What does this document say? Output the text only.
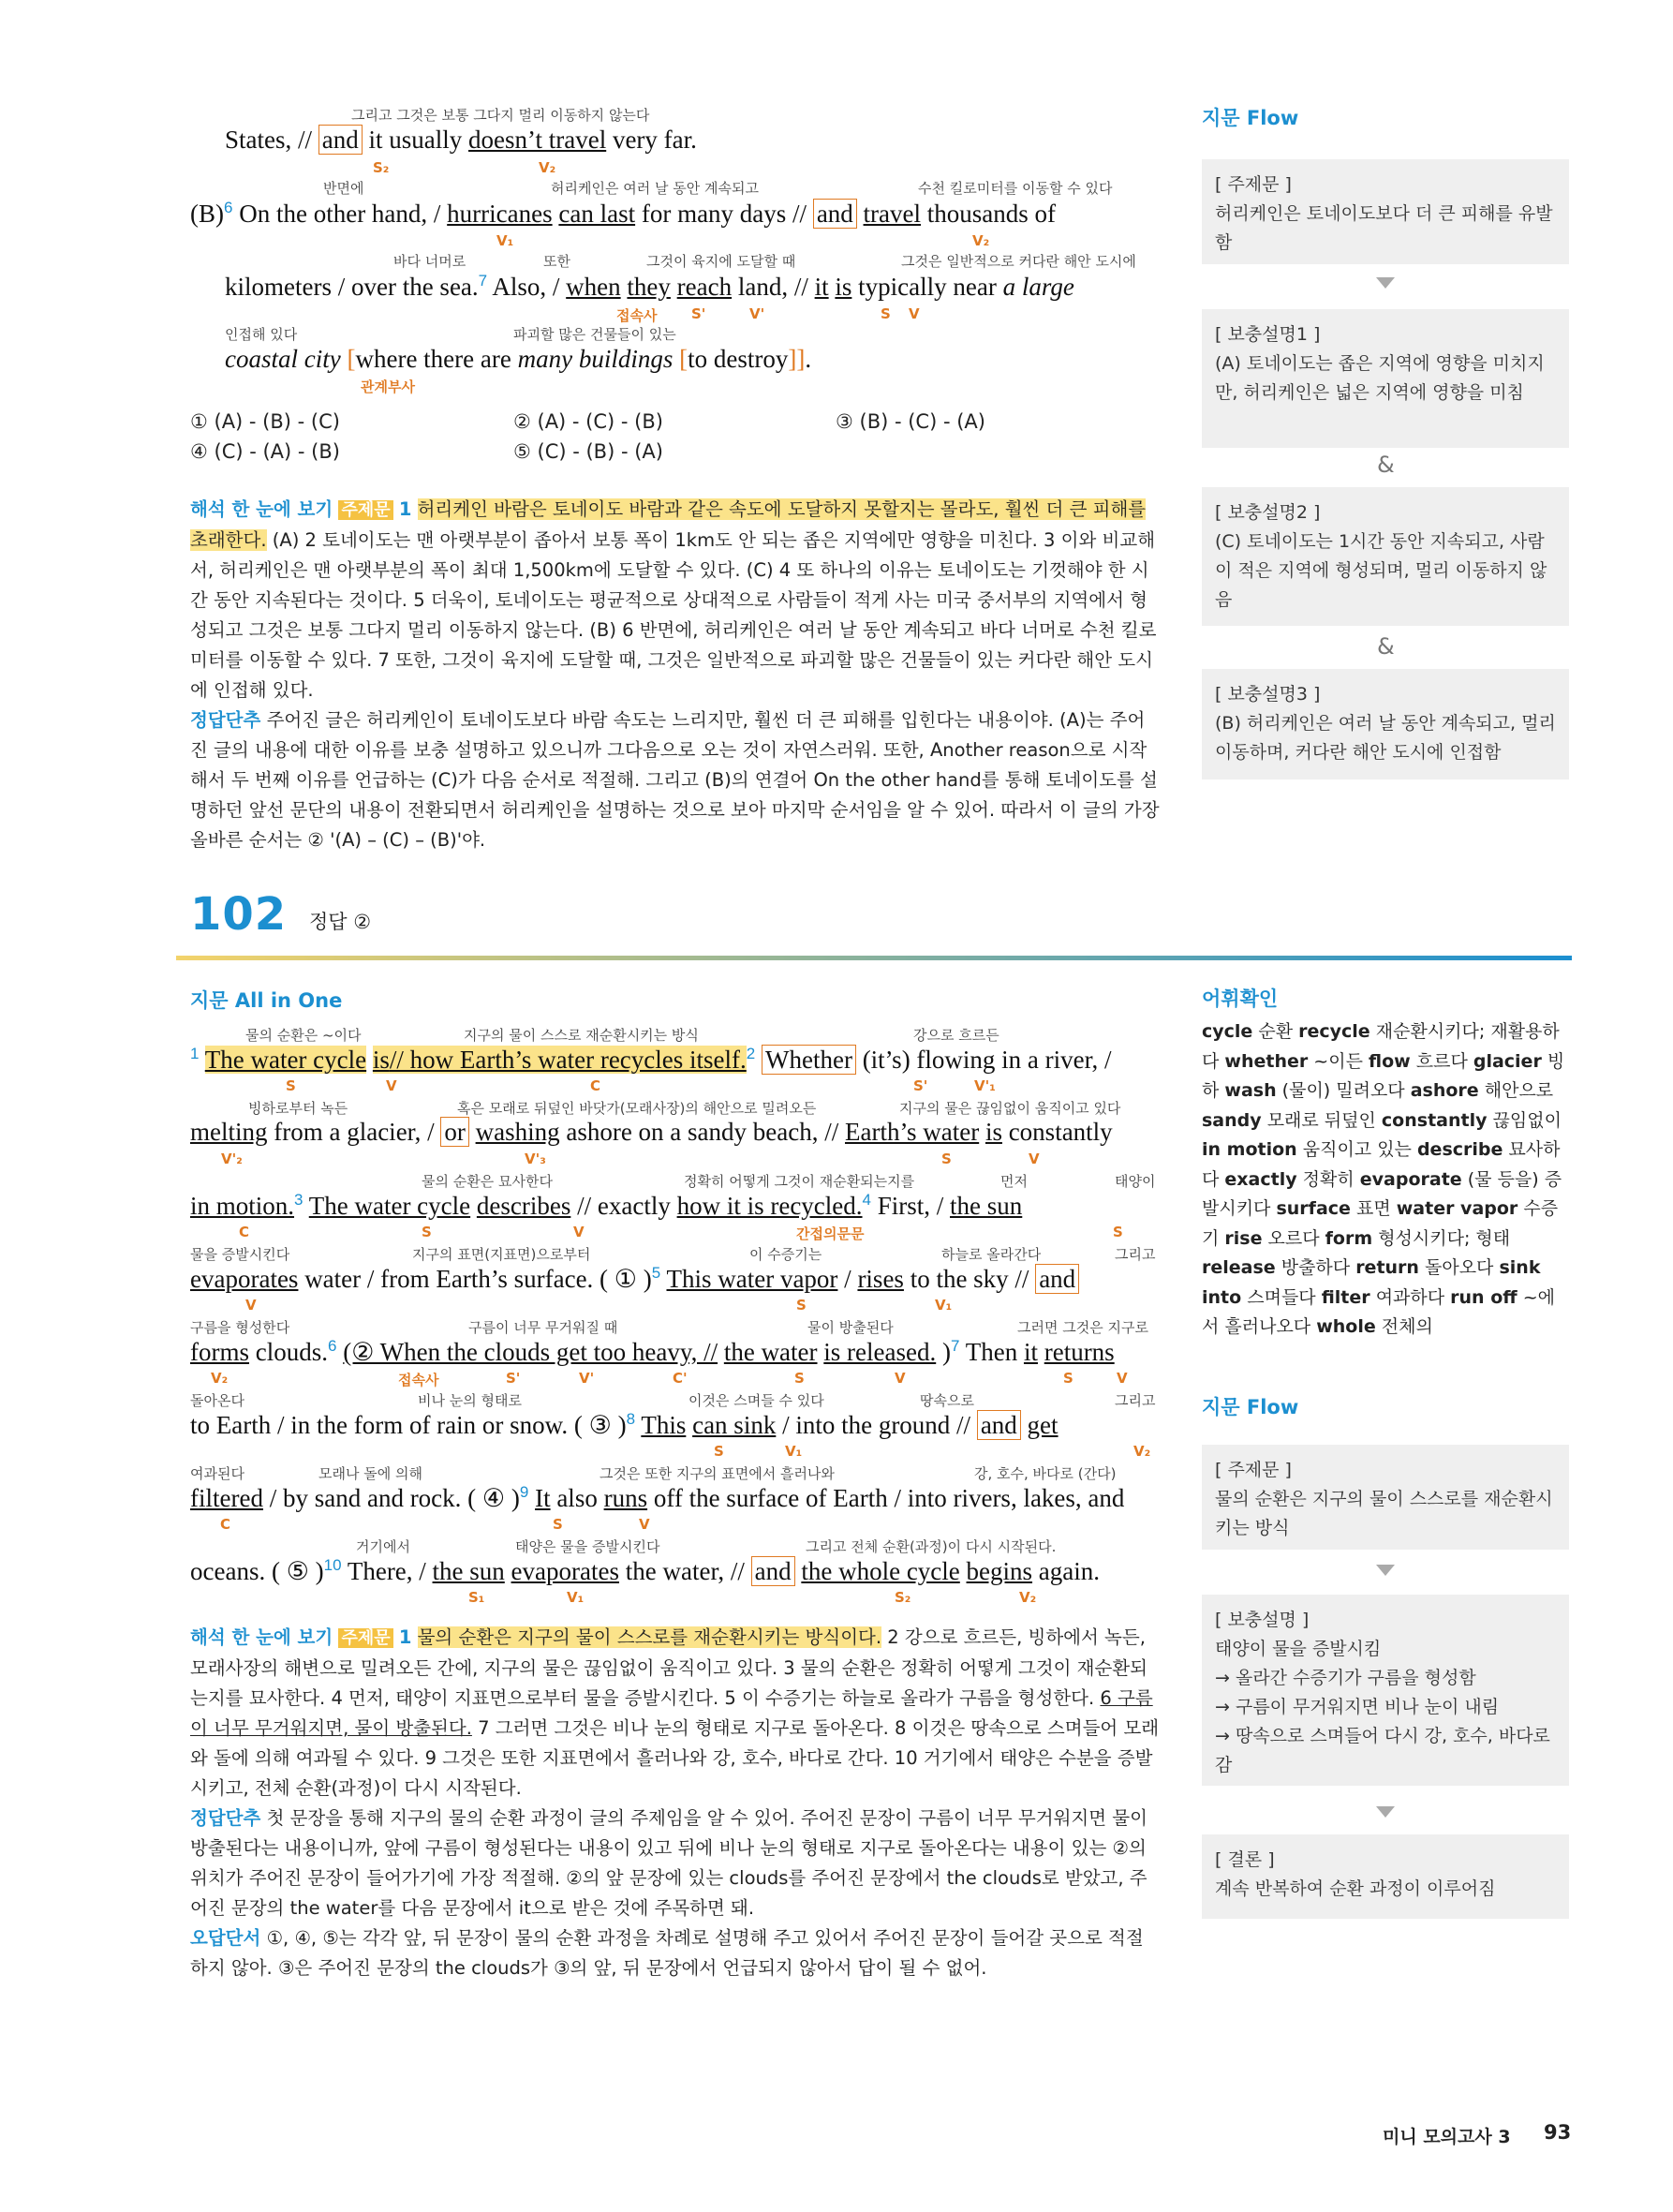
그리고 그것은 보통 그다지 멀리 이동하지 않는다
States, // and it usually doesn’t travel very far.
S₂	V₂
반면에	허리케인은 여러 날 동안 계속되고	수천 킬로미터를 이동할 수 있다
$(B)^6$ On the other hand, / hurricanes can last for many days // and travel thousands of
V₁	V₂
바다 너머로	또한	그것이 육지에 도달할 때	그것은 일반적으로 커다란 해안 도시에
kilometers / over the sea.$^7$ Also, / when they reach land, // it is typically near a large
접속사 S'	V'	S V
인접해 있다	파괴할 많은 건물들이 있는
coastal city [where there are many buildings [to destroy]].
관계부사
① (A) - (B) - (C)	② (A) - (C) - (B)	③ (B) - (C) - (A)
④ (C) - (A) - (B)	⑤ (C) - (B) - (A)
해석 한 눈에 보기 주제문 1 허리케인 바람은 토네이도 바람과 같은 속도에 도달하지 못할지는 몰라도, 훨씬 더 큰 피해를 초래한다. (A) 2 토네이도는 맨 아랫부분이 좁아서 보통 폭이 1km도 안 되는 좁은 지역에만 영향을 미친다. 3 이와 비교해서, 허리케인은 맨 아랫부분의 폭이 최대 1,500km에 도달할 수 있다. (C) 4 또 하나의 이유는 토네이도는 기껏해야 한 시간 동안 지속된다는 것이다. 5 더욱이, 토네이도는 평균적으로 상대적으로 사람들이 적게 사는 미국 중서부의 지역에서 형성되고 그것은 보통 그다지 멀리 이동하지 않는다. (B) 6 반면에, 허리케인은 여러 날 동안 계속되고 바다 너머로 수천 킬로미터를 이동할 수 있다. 7 또한, 그것이 육지에 도달할 때, 그것은 일반적으로 파괴할 많은 건물들이 있는 커다란 해안 도시에 인접해 있다.
정답단추 주어진 글은 허리케인이 토네이도보다 바람 속도는 느리지만, 훨씬 더 큰 피해를 입힌다는 내용이야. (A)는 주어진 글의 내용에 대한 이유를 보충 설명하고 있으니까 그다음으로 오는 것이 자연스러워. 또한, Another reason으로 시작해서 두 번째 이유를 언급하는 (C)가 다음 순서로 적절해. 그리고 (B)의 연결어 On the other hand를 통해 토네이도를 설명하던 앞선 문단의 내용이 전환되면서 허리케인을 설명하는 것으로 보아 마지막 순서임을 알 수 있어. 따라서 이 글의 가장 올바른 순서는 ② '(A) – (C) – (B)'야.
지문 Flow
[ 주제문 ]
허리케인은 토네이도보다 더 큰 피해를 유발함
[ 보충설명1 ]
(A) 토네이도는 좁은 지역에 영향을 미치지만, 허리케인은 넓은 지역에 영향을 미침
&
[ 보충설명2 ]
(C) 토네이도는 1시간 동안 지속되고, 사람이 적은 지역에 형성되며, 멀리 이동하지 않음
&
[ 보충설명3 ]
(B) 허리케인은 여러 날 동안 계속되고, 멀리 이동하며, 커다란 해안 도시에 인접함
102 정답 ②
지문 All in One
물의 순환은 ~이다	지구의 물이 스스로 재순환시키는 방식	강으로 흐르든
$^1$ The water cycle is// how Earth’s water recycles itself.$^2$ Whether (it’s) flowing in a river, /
S	V	C	S'	V'₁
빙하로부터 녹든	혹은 모래로 뒤덮인 바닷가(모래사장)의 해안으로 밀려오든	지구의 물은 끊임없이 움직이고 있다
melting from a glacier, / or washing ashore on a sandy beach, // Earth’s water is constantly
V'₂	V'₃	S	V
물의 순환은 묘사한다	정확히 어떻게 그것이 재순환되는지를	먼저	태양이
in motion.$^3$ The water cycle describes // exactly how it is recycled.$^4$ First, / the sun
C	S	V	간접의문문	S
물을 증발시킨다	지구의 표면(지표면)으로부터	이 수증기는	하늘로 올라간다	그리고
evaporates water / from Earth’s surface. ( ① )$^5$ This water vapor / rises to the sky // and
V	S	V₁
구름을 형성한다	구름이 너무 무거워질 때	물이 방출된다	그러면 그것은 지구로
forms clouds.$^6$ (② When the clouds get too heavy, // the water is released. )$^7$ Then it returns
V₂	접속사	S'	V'	C'	S	V	S	V
돌아온다	비나 눈의 형태로	이것은 스며들 수 있다	땅속으로	그리고
to Earth / in the form of rain or snow. ( ③ )$^8$ This can sink / into the ground // and get
S	V₁	V₂
여과된다	모래나 돌에 의해	그것은 또한 지구의 표면에서 흘러나와	강, 호수, 바다로 (간다)
filtered / by sand and rock. ( ④ )$^9$ It also runs off the surface of Earth / into rivers, lakes, and
C	S	V
거기에서	태양은 물을 증발시킨다	그리고 전체 순환(과정)이 다시 시작된다.
oceans. ( ⑤ )$^{10}$ There, / the sun evaporates the water, // and the whole cycle begins again.
S₁	V₁	S₂	V₂
해석 한 눈에 보기 주제문 1 물의 순환은 지구의 물이 스스로를 재순환시키는 방식이다. 2 강으로 흐르든, 빙하에서 녹든, 모래사장의 해변으로 밀려오든 간에, 지구의 물은 끊임없이 움직이고 있다. 3 물의 순환은 정확히 어떻게 그것이 재순환되는지를 묘사한다. 4 먼저, 태양이 지표면으로부터 물을 증발시킨다. 5 이 수증기는 하늘로 올라가 구름을 형성한다. 6 구름이 너무 무거워지면, 물이 방출된다. 7 그러면 그것은 비나 눈의 형태로 지구로 돌아온다. 8 이것은 땅속으로 스며들어 모래와 돌에 의해 여과될 수 있다. 9 그것은 또한 지표면에서 흘러나와 강, 호수, 바다로 간다. 10 거기에서 태양은 수분을 증발시키고, 전체 순환(과정)이 다시 시작된다.
정답단추 첫 문장을 통해 지구의 물의 순환 과정이 글의 주제임을 알 수 있어. 주어진 문장이 구름이 너무 무거워지면 물이 방출된다는 내용이니까, 앞에 구름이 형성된다는 내용이 있고 뒤에 비나 눈의 형태로 지구로 돌아온다는 내용이 있는 ②의 위치가 주어진 문장이 들어가기에 가장 적절해. ②의 앞 문장에 있는 clouds를 주어진 문장에서 the clouds로 받았고, 주어진 문장의 the water를 다음 문장에서 it으로 받은 것에 주목하면 돼.
오답단서 ①, ④, ⑤는 각각 앞, 뒤 문장이 물의 순환 과정을 차례로 설명해 주고 있어서 주어진 문장이 들어갈 곳으로 적절하지 않아. ③은 주어진 문장의 the clouds가 ③의 앞, 뒤 문장에서 언급되지 않아서 답이 될 수 없어.
어휘확인
cycle 순환 recycle 재순환시키다; 재활용하다 whether ~이든 flow 흐르다 glacier 빙하 wash (물이) 밀려오다 ashore 해안으로 sandy 모래로 뒤덮인 constantly 끊임없이 in motion 움직이고 있는 describe 묘사하다 exactly 정확히 evaporate (물 등을) 증발시키다 surface 표면 water vapor 수증기 rise 오르다 form 형성시키다; 형태 release 방출하다 return 돌아오다 sink into 스며들다 filter 여과하다 run off ~에서 흘러나오다 whole 전체의
지문 Flow
[ 주제문 ]
물의 순환은 지구의 물이 스스로를 재순환시키는 방식
[ 보충설명 ]
태양이 물을 증발시킴
→ 올라간 수증기가 구름을 형성함
→ 구름이 무거워지면 비나 눈이 내림
→ 땅속으로 스며들어 다시 강, 호수, 바다로 감
[ 결론 ]
계속 반복하여 순환 과정이 이루어짐
미니 모의고사 3 93
